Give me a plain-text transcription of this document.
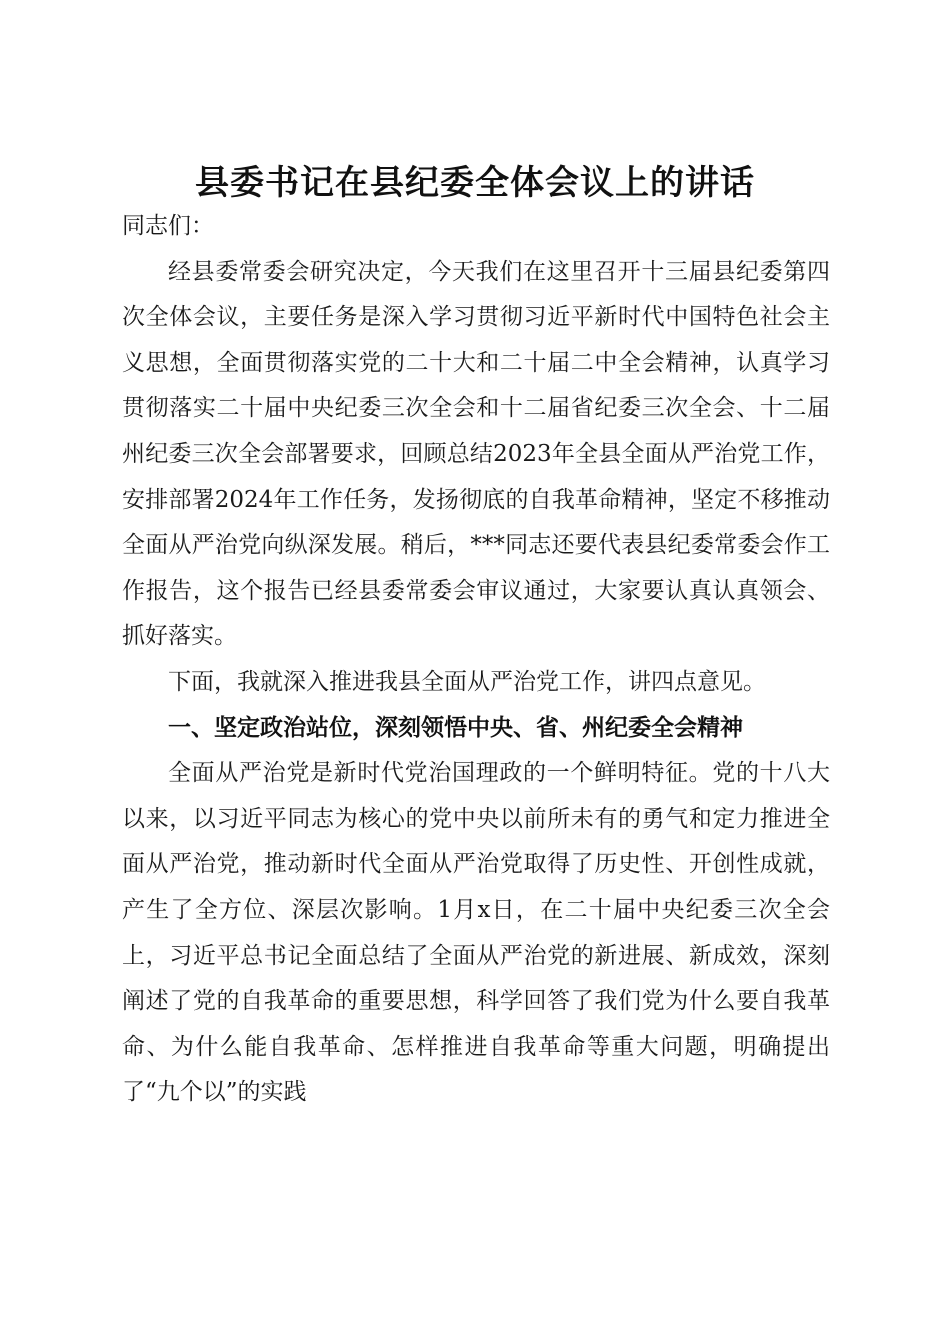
县委书记在县纪委全体会议上的讲话

同志们：

经县委常委会研究决定，今天我们在这里召开十三届县纪委第四次全体会议，主要任务是深入学习贯彻习近平新时代中国特色社会主义思想，全面贯彻落实党的二十大和二十届二中全会精神，认真学习贯彻落实二十届中央纪委三次全会和十二届省纪委三次全会、十二届州纪委三次全会部署要求，回顾总结2023年全县全面从严治党工作，安排部署2024年工作任务，发扬彻底的自我革命精神，坚定不移推动全面从严治党向纵深发展。稍后，***同志还要代表县纪委常委会作工作报告，这个报告已经县委常委会审议通过，大家要认真认真领会、抓好落实。

下面，我就深入推进我县全面从严治党工作，讲四点意见。

一、坚定政治站位，深刻领悟中央、省、州纪委全会精神

全面从严治党是新时代党治国理政的一个鲜明特征。党的十八大以来，以习近平同志为核心的党中央以前所未有的勇气和定力推进全面从严治党，推动新时代全面从严治党取得了历史性、开创性成就，产生了全方位、深层次影响。1月x日，在二十届中央纪委三次全会上，习近平总书记全面总结了全面从严治党的新进展、新成效，深刻阐述了党的自我革命的重要思想，科学回答了我们党为什么要自我革命、为什么能自我革命、怎样推进自我革命等重大问题，明确提出了“九个以”的实践
